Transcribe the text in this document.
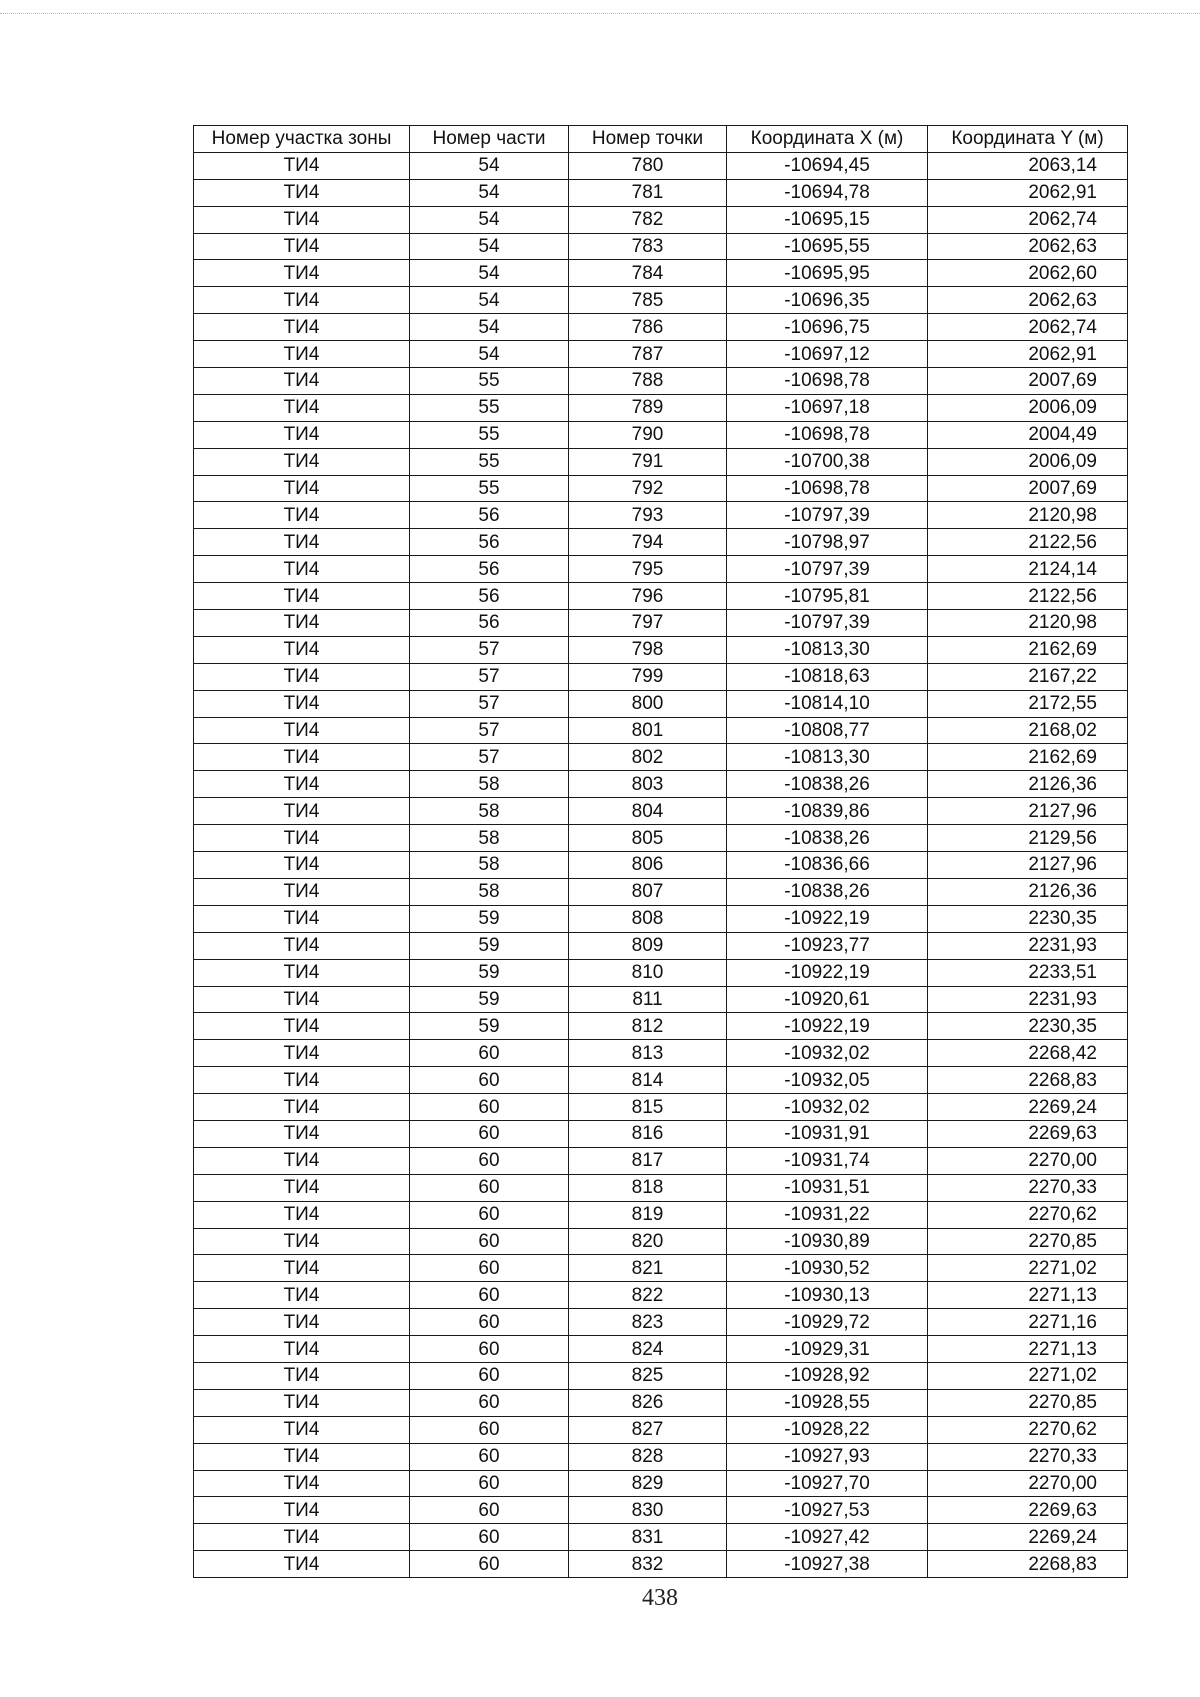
Номер участка зоны	Номер части	Номер точки	Координата X (м)	Координата Y (м)
ТИ4	54	780	-10694,45	2063,14
ТИ4	54	781	-10694,78	2062,91
ТИ4	54	782	-10695,15	2062,74
ТИ4	54	783	-10695,55	2062,63
ТИ4	54	784	-10695,95	2062,60
ТИ4	54	785	-10696,35	2062,63
ТИ4	54	786	-10696,75	2062,74
ТИ4	54	787	-10697,12	2062,91
ТИ4	55	788	-10698,78	2007,69
ТИ4	55	789	-10697,18	2006,09
ТИ4	55	790	-10698,78	2004,49
ТИ4	55	791	-10700,38	2006,09
ТИ4	55	792	-10698,78	2007,69
ТИ4	56	793	-10797,39	2120,98
ТИ4	56	794	-10798,97	2122,56
ТИ4	56	795	-10797,39	2124,14
ТИ4	56	796	-10795,81	2122,56
ТИ4	56	797	-10797,39	2120,98
ТИ4	57	798	-10813,30	2162,69
ТИ4	57	799	-10818,63	2167,22
ТИ4	57	800	-10814,10	2172,55
ТИ4	57	801	-10808,77	2168,02
ТИ4	57	802	-10813,30	2162,69
ТИ4	58	803	-10838,26	2126,36
ТИ4	58	804	-10839,86	2127,96
ТИ4	58	805	-10838,26	2129,56
ТИ4	58	806	-10836,66	2127,96
ТИ4	58	807	-10838,26	2126,36
ТИ4	59	808	-10922,19	2230,35
ТИ4	59	809	-10923,77	2231,93
ТИ4	59	810	-10922,19	2233,51
ТИ4	59	811	-10920,61	2231,93
ТИ4	59	812	-10922,19	2230,35
ТИ4	60	813	-10932,02	2268,42
ТИ4	60	814	-10932,05	2268,83
ТИ4	60	815	-10932,02	2269,24
ТИ4	60	816	-10931,91	2269,63
ТИ4	60	817	-10931,74	2270,00
ТИ4	60	818	-10931,51	2270,33
ТИ4	60	819	-10931,22	2270,62
ТИ4	60	820	-10930,89	2270,85
ТИ4	60	821	-10930,52	2271,02
ТИ4	60	822	-10930,13	2271,13
ТИ4	60	823	-10929,72	2271,16
ТИ4	60	824	-10929,31	2271,13
ТИ4	60	825	-10928,92	2271,02
ТИ4	60	826	-10928,55	2270,85
ТИ4	60	827	-10928,22	2270,62
ТИ4	60	828	-10927,93	2270,33
ТИ4	60	829	-10927,70	2270,00
ТИ4	60	830	-10927,53	2269,63
ТИ4	60	831	-10927,42	2269,24
ТИ4	60	832	-10927,38	2268,83
438
